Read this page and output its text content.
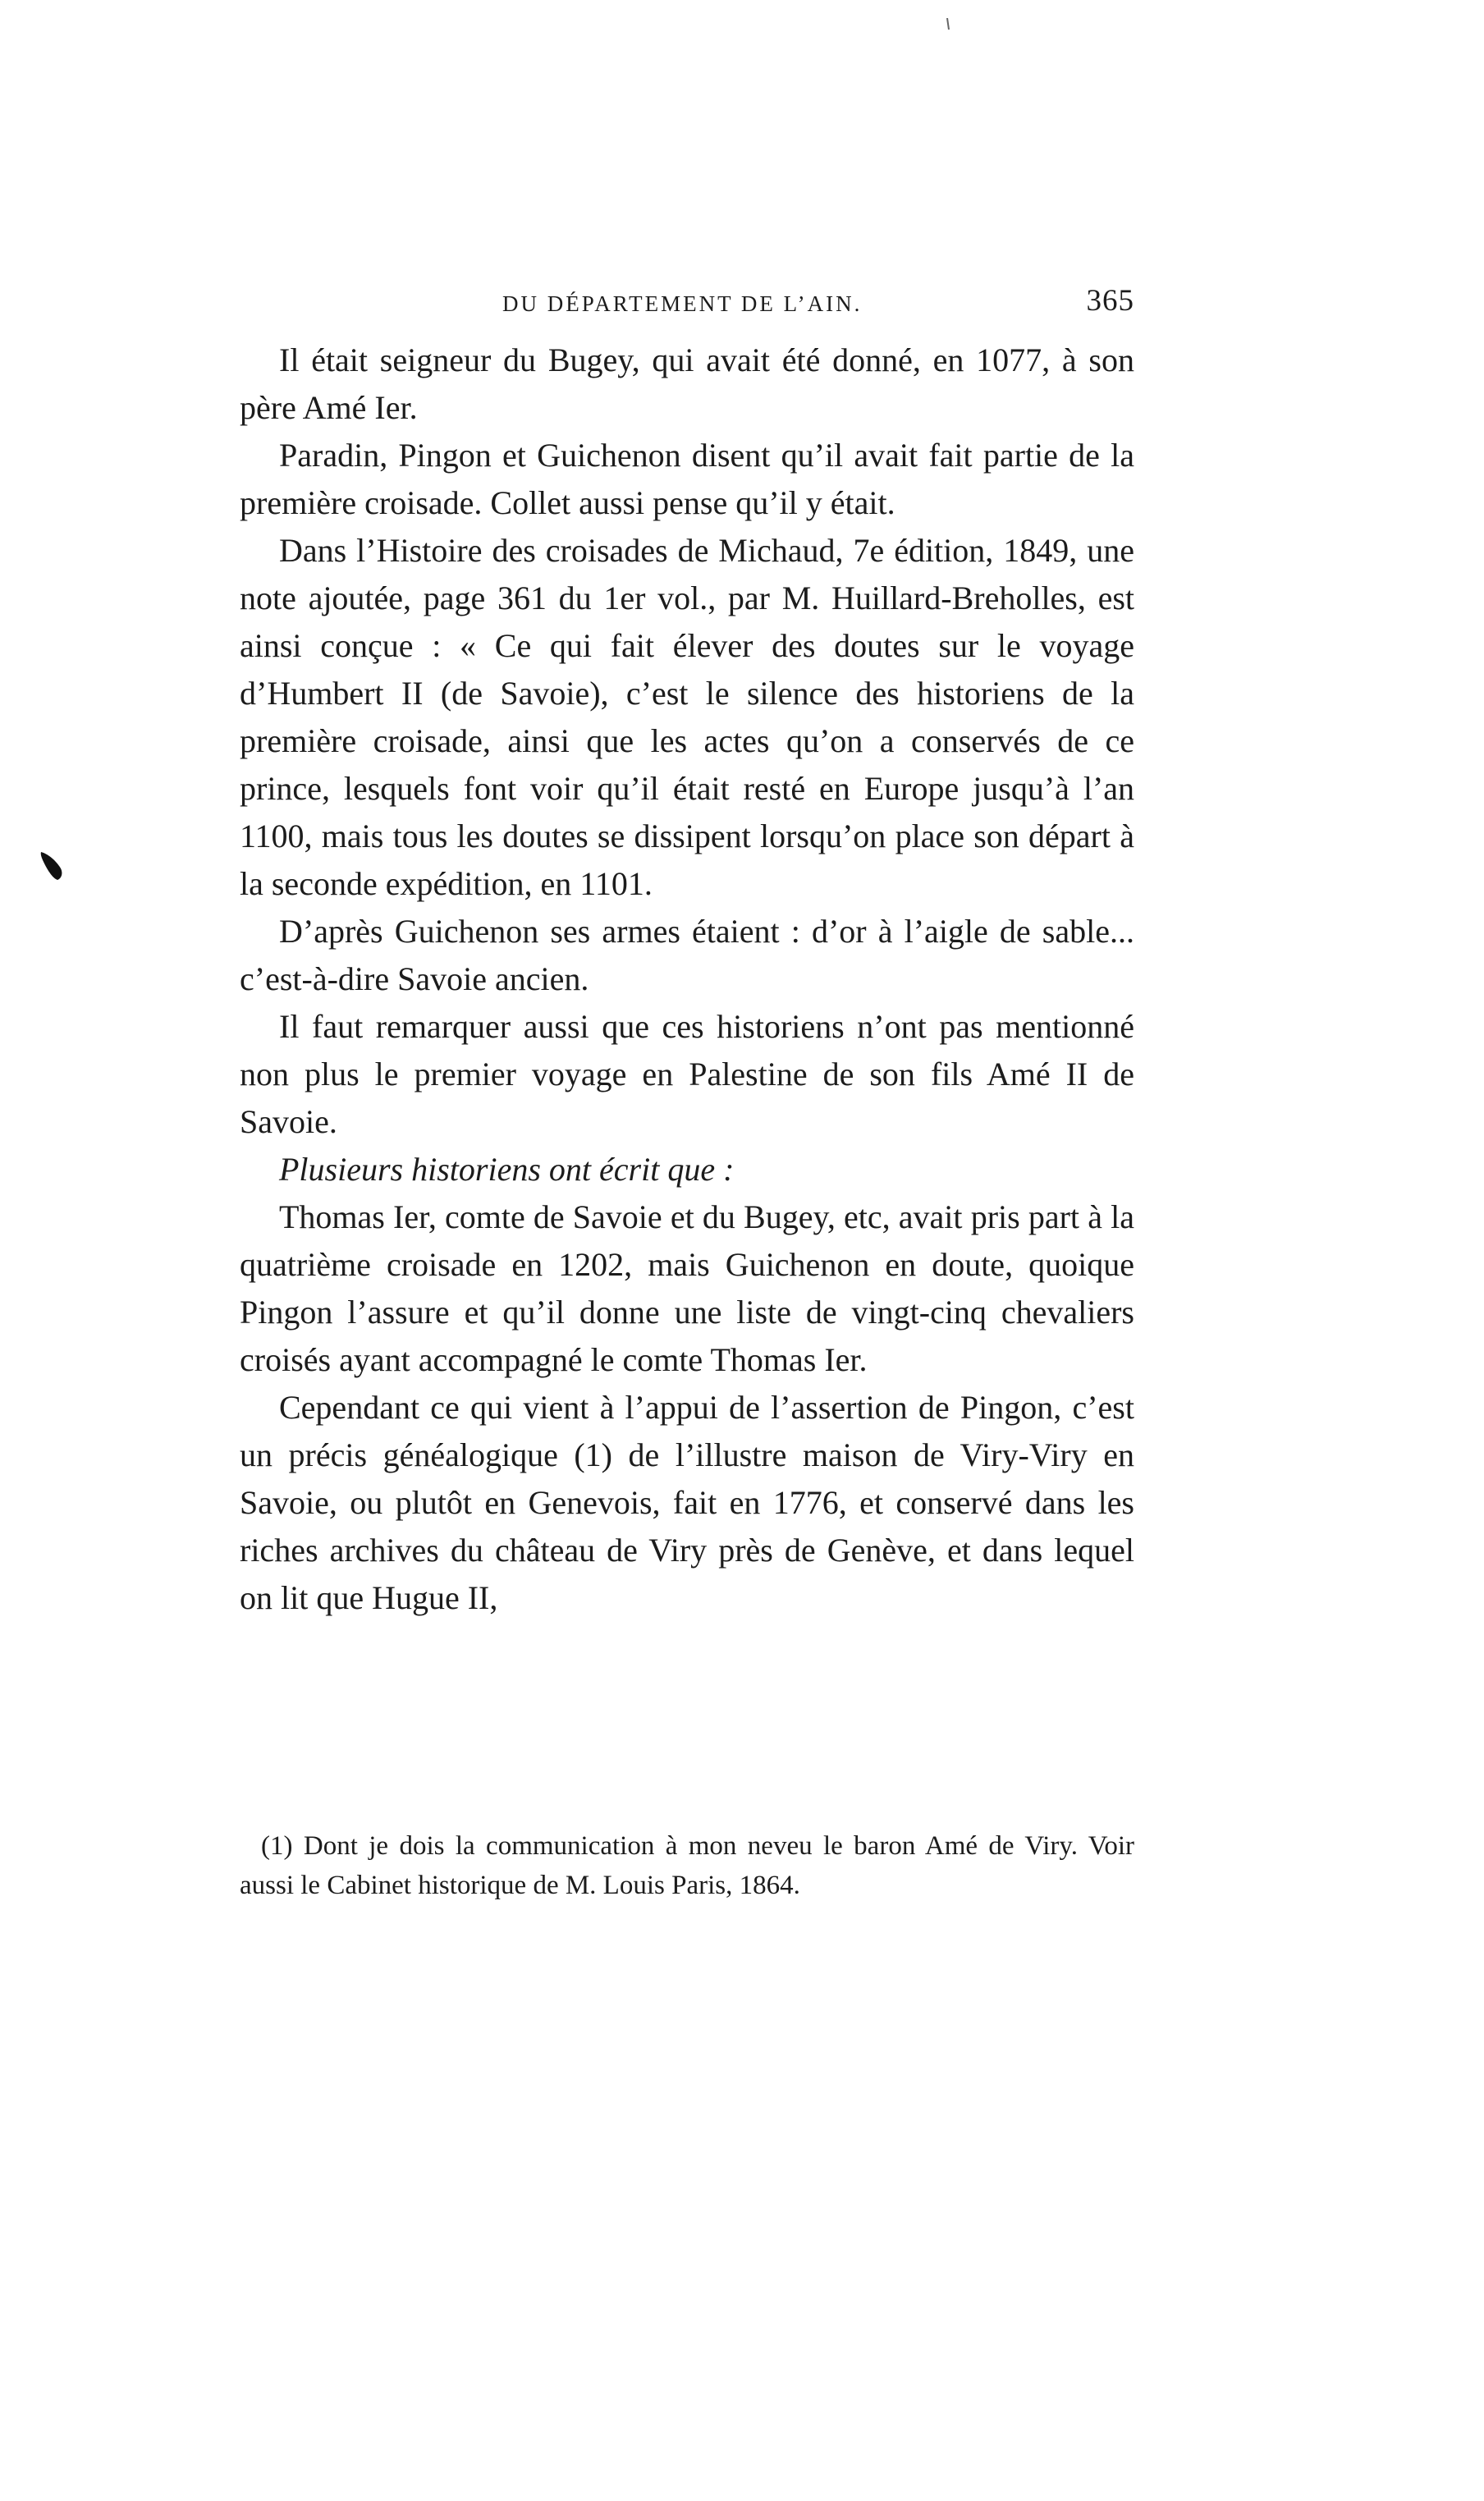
DU DÉPARTEMENT DE L’AIN.	365

Il était seigneur du Bugey, qui avait été donné, en 1077, à son père Amé Ier.

Paradin, Pingon et Guichenon disent qu’il avait fait partie de la première croisade. Collet aussi pense qu’il y était.

Dans l’Histoire des croisades de Michaud, 7e édition, 1849, une note ajoutée, page 361 du 1er vol., par M. Huillard-Breholles, est ainsi conçue : « Ce qui fait élever des doutes sur le voyage d’Humbert II (de Savoie), c’est le silence des historiens de la première croisade, ainsi que les actes qu’on a conservés de ce prince, lesquels font voir qu’il était resté en Europe jusqu’à l’an 1100, mais tous les doutes se dissipent lorsqu’on place son départ à la seconde expédition, en 1101.

D’après Guichenon ses armes étaient : d’or à l’aigle de sable... c’est-à-dire Savoie ancien.

Il faut remarquer aussi que ces historiens n’ont pas mentionné non plus le premier voyage en Palestine de son fils Amé II de Savoie.

Plusieurs historiens ont écrit que :

Thomas Ier, comte de Savoie et du Bugey, etc, avait pris part à la quatrième croisade en 1202, mais Guichenon en doute, quoique Pingon l’assure et qu’il donne une liste de vingt-cinq chevaliers croisés ayant accompagné le comte Thomas Ier.

Cependant ce qui vient à l’appui de l’assertion de Pingon, c’est un précis généalogique (1) de l’illustre maison de Viry-Viry en Savoie, ou plutôt en Genevois, fait en 1776, et conservé dans les riches archives du château de Viry près de Genève, et dans lequel on lit que Hugue II,

(1) Dont je dois la communication à mon neveu le baron Amé de Viry. Voir aussi le Cabinet historique de M. Louis Paris, 1864.
